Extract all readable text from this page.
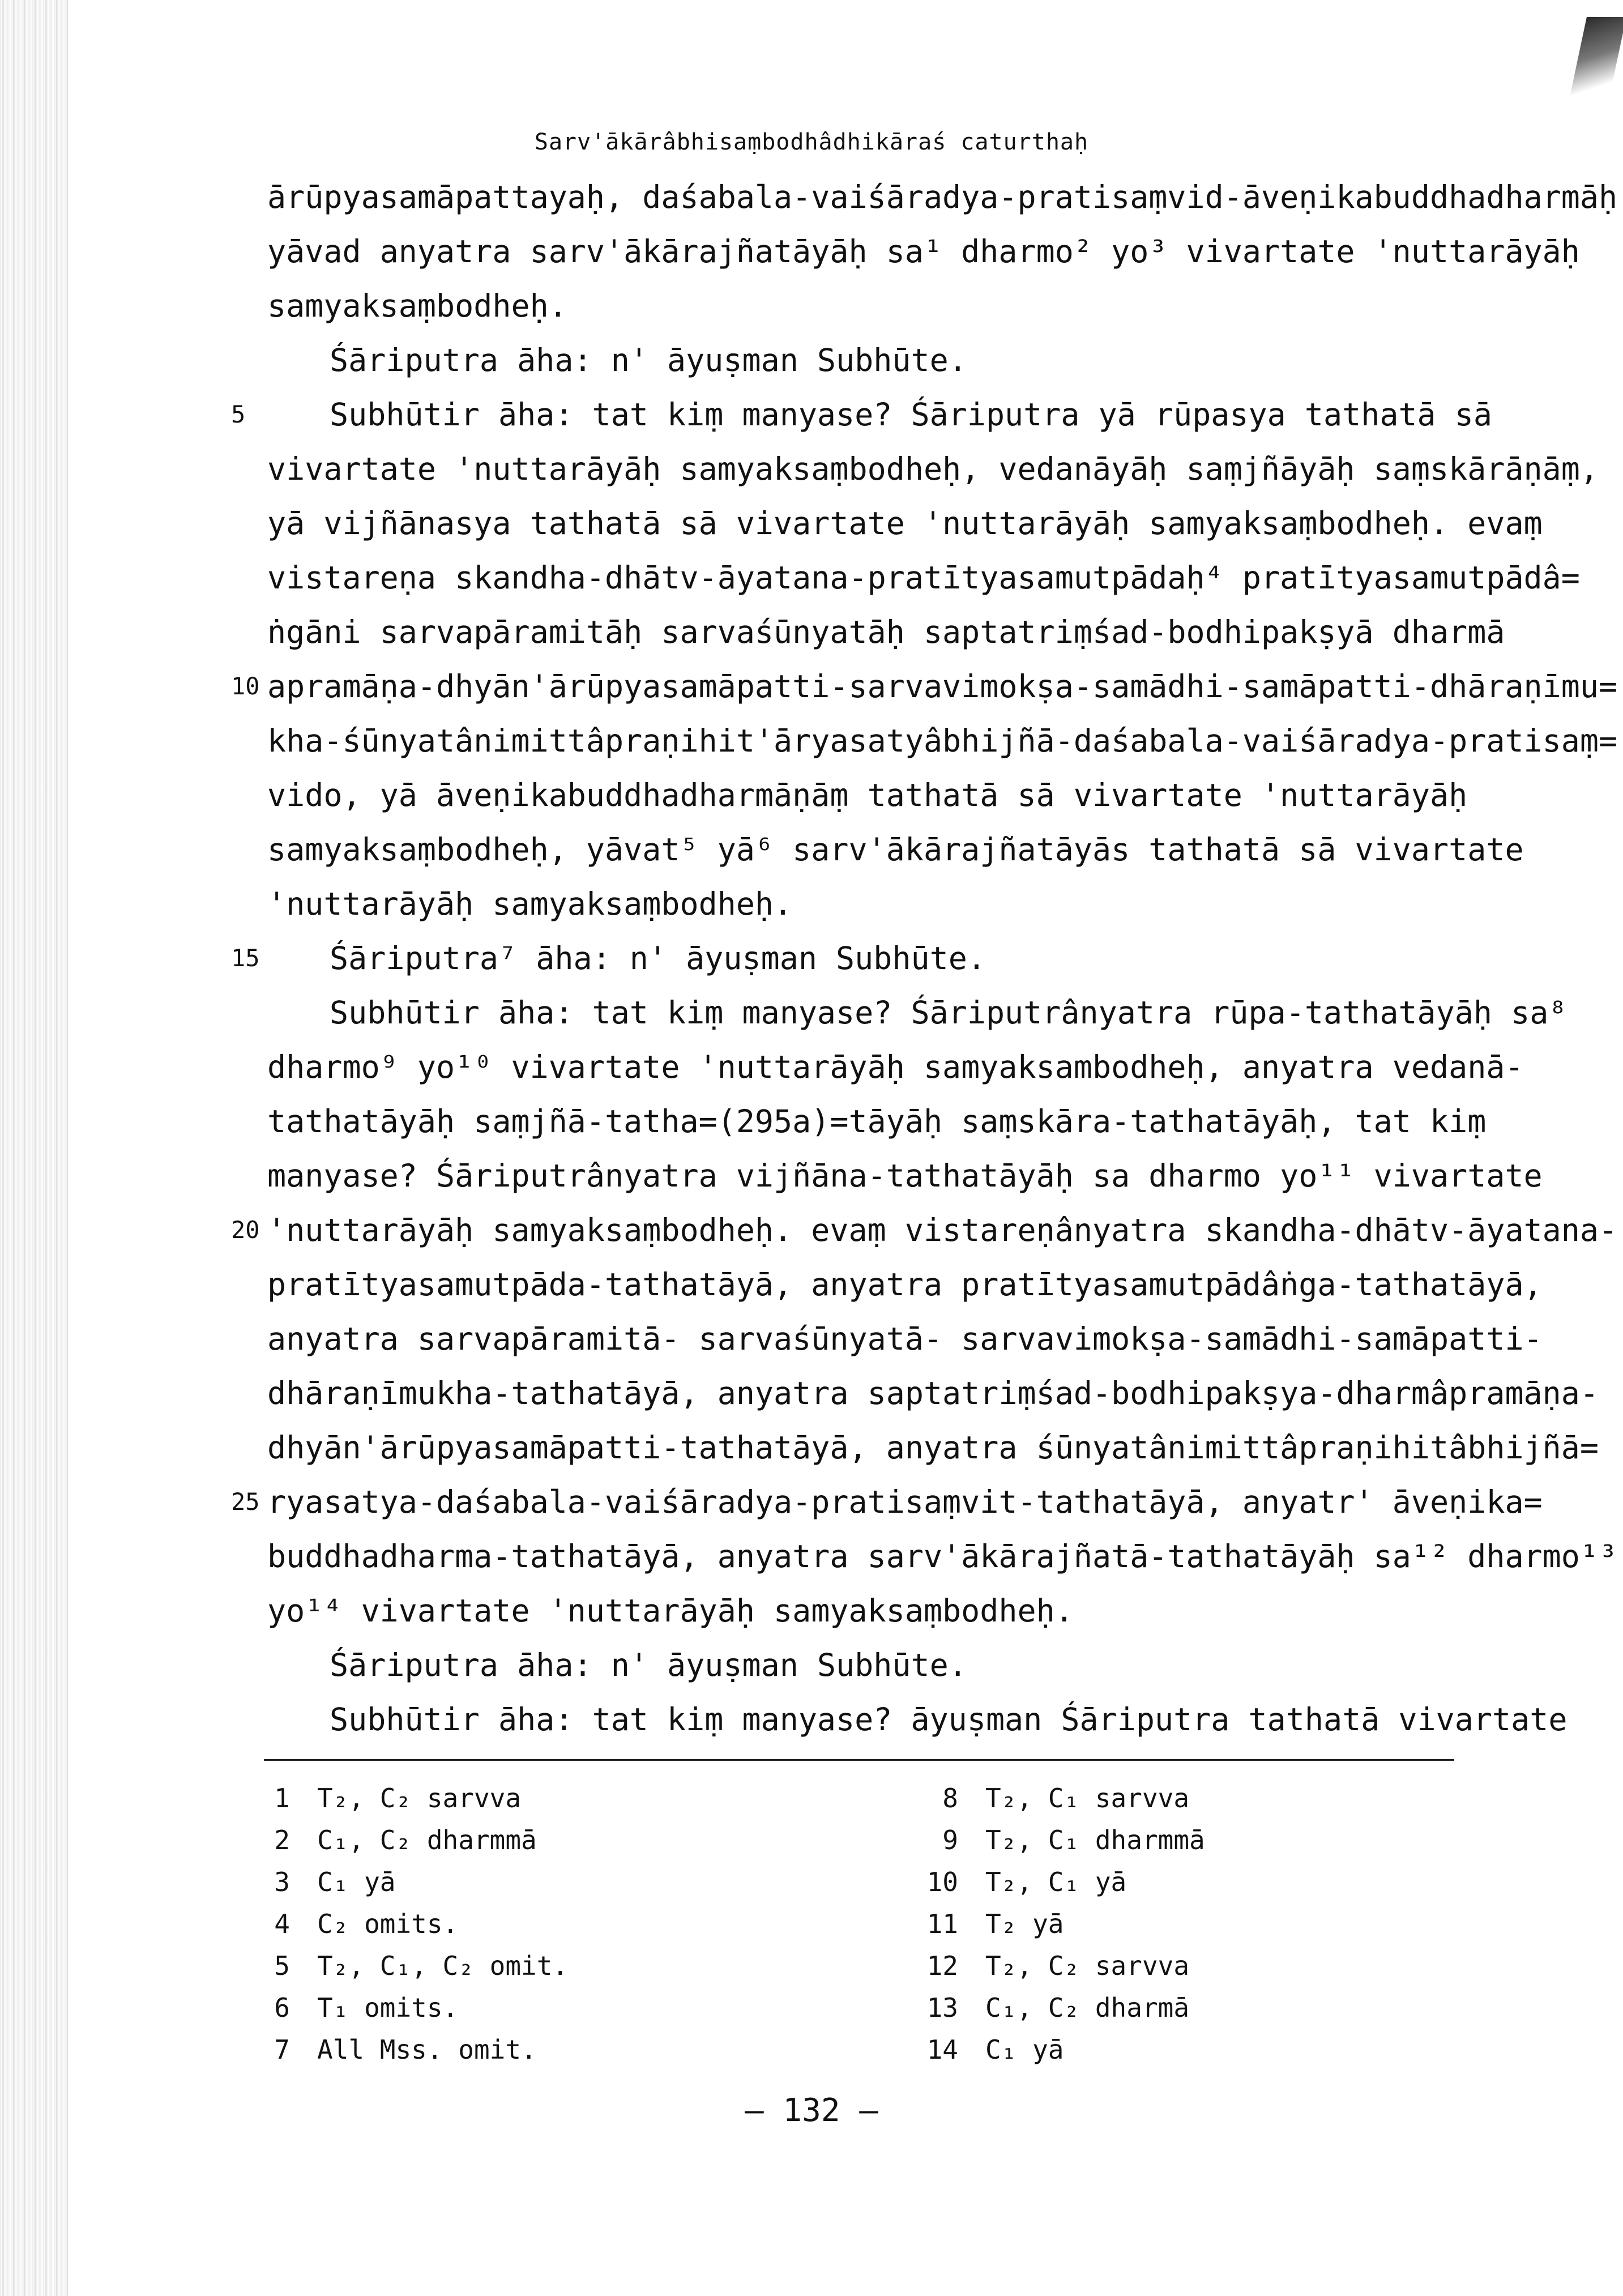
Sarv'ākārâbhisaṃbodhâdhikāraś caturthaḥ
ārūpyasamāpattayaḥ, daśabala-vaiśāradya-pratisaṃvid-āveṇikabuddhadharmāḥ
yāvad anyatra sarv'ākārajñatāyāḥ sa¹ dharmo² yo³ vivartate 'nuttarāyāḥ
samyaksaṃbodheḥ.
Śāriputra āha: n' āyuṣman Subhūte.
Subhūtir āha: tat kiṃ manyase? Śāriputra yā rūpasya tathatā sā
5
vivartate 'nuttarāyāḥ samyaksaṃbodheḥ, vedanāyāḥ saṃjñāyāḥ saṃskārāṇāṃ,
yā vijñānasya tathatā sā vivartate 'nuttarāyāḥ samyaksaṃbodheḥ. evaṃ
vistareṇa skandha-dhātv-āyatana-pratītyasamutpādaḥ⁴ pratītyasamutpādâ=
ṅgāni sarvapāramitāḥ sarvaśūnyatāḥ saptatriṃśad-bodhipakṣyā dharmā
apramāṇa-dhyān'ārūpyasamāpatti-sarvavimokṣa-samādhi-samāpatti-dhāraṇīmu=
10
kha-śūnyatânimittâpraṇihit'āryasatyâbhijñā-daśabala-vaiśāradya-pratisaṃ=
vido, yā āveṇikabuddhadharmāṇāṃ tathatā sā vivartate 'nuttarāyāḥ
samyaksaṃbodheḥ, yāvat⁵ yā⁶ sarv'ākārajñatāyās tathatā sā vivartate
'nuttarāyāḥ samyaksaṃbodheḥ.
Śāriputra⁷ āha: n' āyuṣman Subhūte.
15
Subhūtir āha: tat kiṃ manyase? Śāriputrânyatra rūpa-tathatāyāḥ sa⁸
dharmo⁹ yo¹⁰ vivartate 'nuttarāyāḥ samyaksambodheḥ, anyatra vedanā-
tathatāyāḥ saṃjñā-tatha=(295a)=tāyāḥ saṃskāra-tathatāyāḥ, tat kiṃ
manyase? Śāriputrânyatra vijñāna-tathatāyāḥ sa dharmo yo¹¹ vivartate
'nuttarāyāḥ samyaksaṃbodheḥ. evaṃ vistareṇânyatra skandha-dhātv-āyatana-
20
pratītyasamutpāda-tathatāyā, anyatra pratītyasamutpādâṅga-tathatāyā,
anyatra sarvapāramitā- sarvaśūnyatā- sarvavimokṣa-samādhi-samāpatti-
dhāraṇīmukha-tathatāyā, anyatra saptatriṃśad-bodhipakṣya-dharmâpramāṇa-
dhyān'ārūpyasamāpatti-tathatāyā, anyatra śūnyatânimittâpraṇihitâbhijñā=
ryasatya-daśabala-vaiśāradya-pratisaṃvit-tathatāyā, anyatr' āveṇika=
25
buddhadharma-tathatāyā, anyatra sarv'ākārajñatā-tathatāyāḥ sa¹² dharmo¹³
yo¹⁴ vivartate 'nuttarāyāḥ samyaksaṃbodheḥ.
Śāriputra āha: n' āyuṣman Subhūte.
Subhūtir āha: tat kiṃ manyase? āyuṣman Śāriputra tathatā vivartate
1 T₂, C₂ sarvva
2 C₁, C₂ dharmmā
3 C₁ yā
4 C₂ omits.
5 T₂, C₁, C₂ omit.
6 T₁ omits.
7 All Mss. omit.
8 T₂, C₁ sarvva
9 T₂, C₁ dharmmā
10 T₂, C₁ yā
11 T₂ yā
12 T₂, C₂ sarvva
13 C₁, C₂ dharmā
14 C₁ yā
— 132 —
